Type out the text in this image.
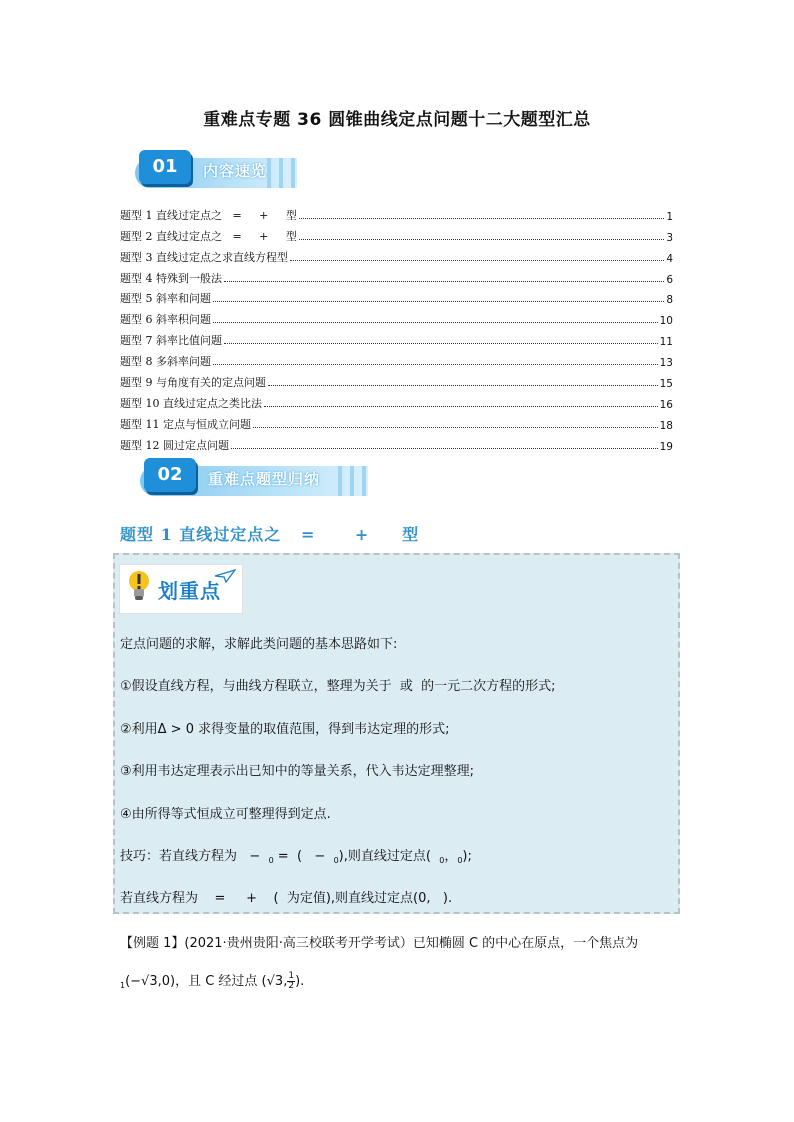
重难点专题 36 圆锥曲线定点问题十二大题型汇总
01	内容速览
题型 1 直线过定点之   =     +     型	1
题型 2 直线过定点之   =     +     型	3
题型 3 直线过定点之求直线方程型	4
题型 4 特殊到一般法	6
题型 5 斜率和问题	8
题型 6 斜率积问题	10
题型 7 斜率比值问题	11
题型 8 多斜率问题	13
题型 9 与角度有关的定点问题	15
题型 10 直线过定点之类比法	16
题型 11 定点与恒成立问题	18
题型 12 圆过定点问题	19
02	重难点题型归纳
题型 1 直线过定点之   =      +     型
划重点
定点问题的求解，求解此类问题的基本思路如下:
①假设直线方程，与曲线方程联立，整理为关于  或  的一元二次方程的形式;
②利用Δ > 0 求得变量的取值范围，得到韦达定理的形式;
③利用韦达定理表示出已知中的等量关系，代入韦达定理整理;
④由所得等式恒成立可整理得到定点.
技巧：若直线方程为   −  $_0$ =  (   −  $_0$),则直线过定点(  $_0$，$_0$);
若直线方程为    =     +    (  为定值),则直线过定点(0,   ).
【例题 1】(2021·贵州贵阳·高三校联考开学考试）已知椭圆 C 的中心在原点，一个焦点为
$_1$(−√3,0)，且 C 经过点 (√3, $\frac{1}{2}$).
